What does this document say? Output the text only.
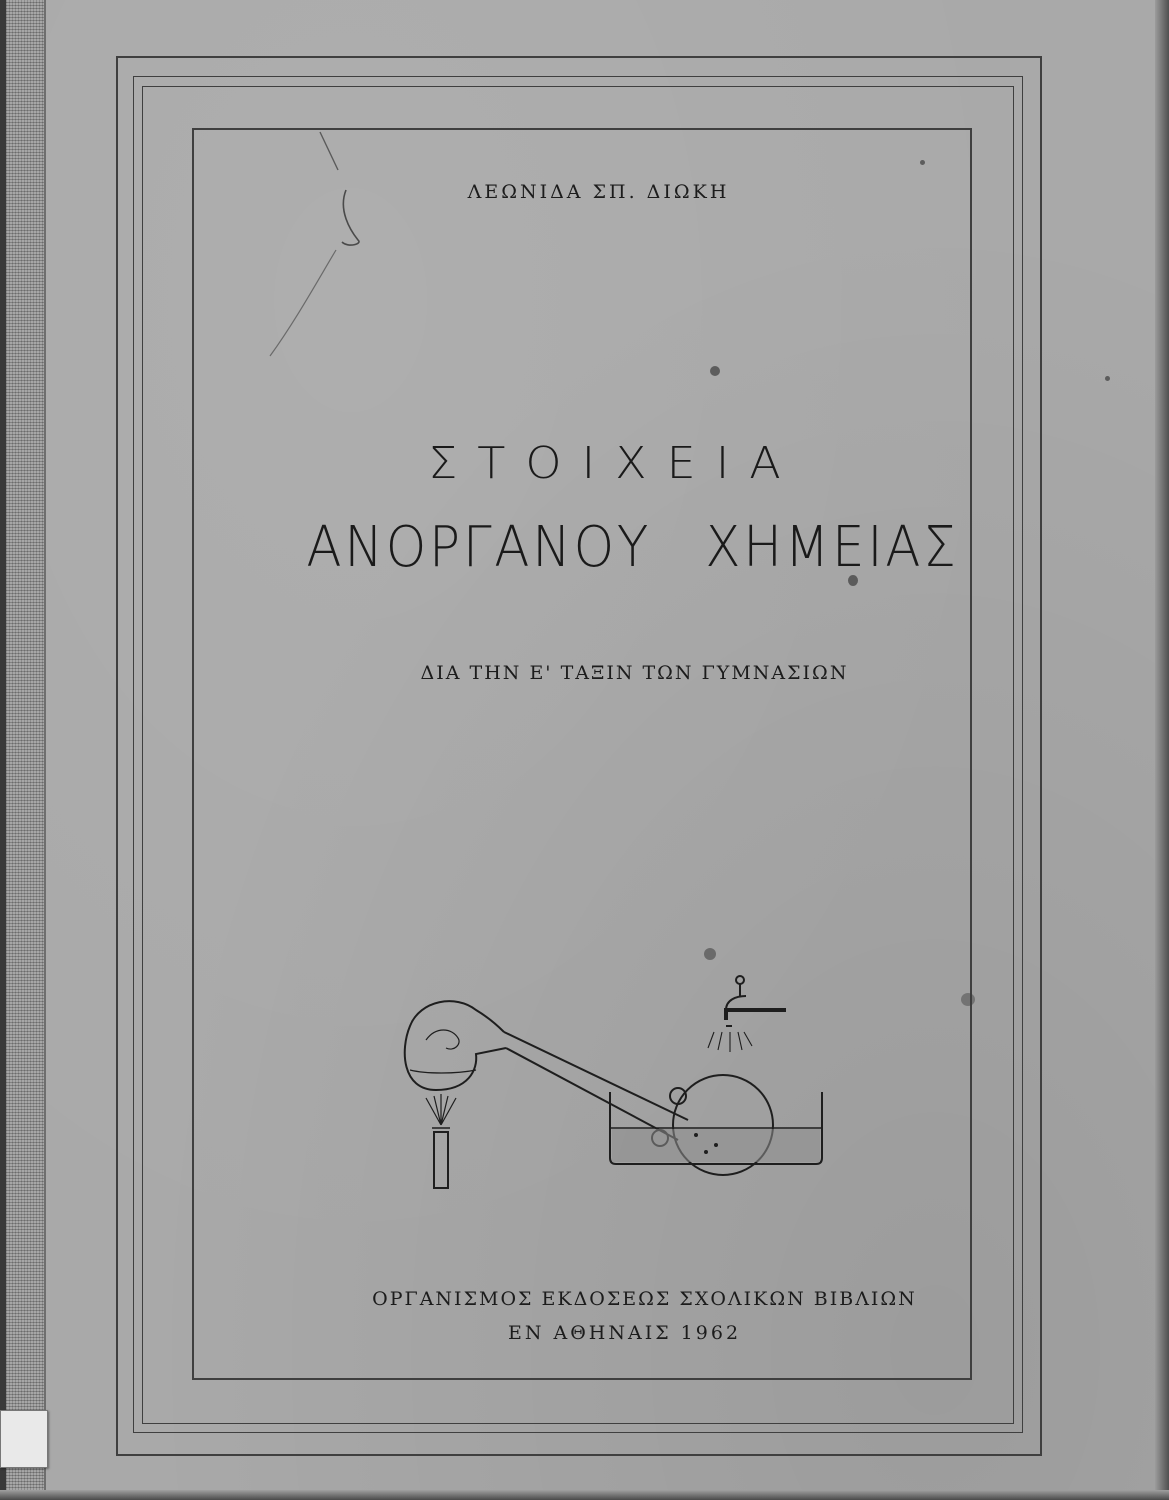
ΛΕΩΝΙΔΑ ΣΠ. ΔΙΩΚΗ
ΣΤΟΙΧΕΙΑ
ΑΝΟΡΓΑΝΟΥ ΧΗΜΕΙΑΣ
ΔΙΑ ΤΗΝ Ε' ΤΑΞΙΝ ΤΩΝ ΓΥΜΝΑΣΙΩΝ
ΟΡΓΑΝΙΣΜΟΣ ΕΚΔΟΣΕΩΣ ΣΧΟΛΙΚΩΝ ΒΙΒΛΙΩΝ
ΕΝ ΑΘΗΝΑΙΣ 1962
